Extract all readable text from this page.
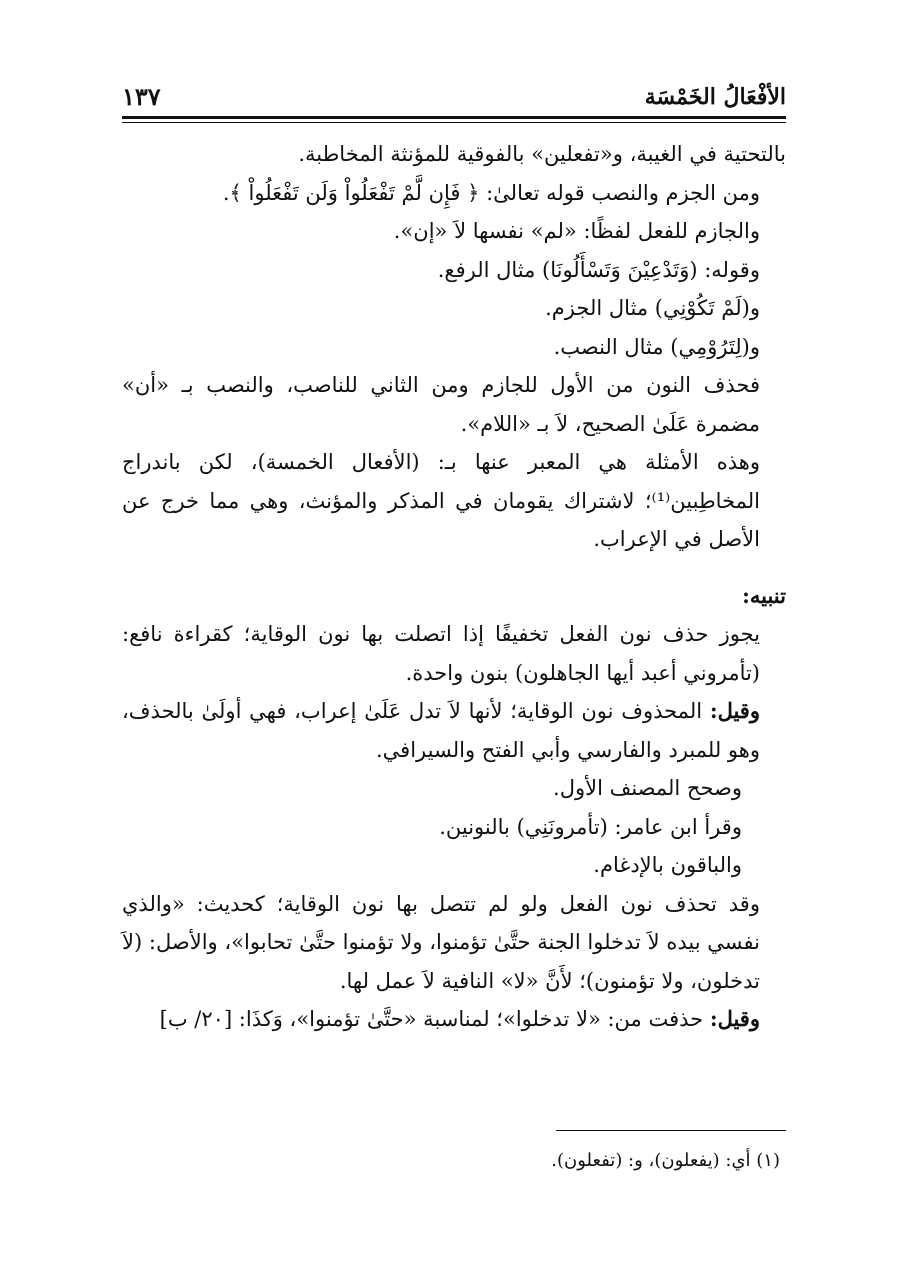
الأفْعَالُ الخَمْسَة
١٣٧

بالتحتية في الغيبة، و«تفعلين» بالفوقية للمؤنثة المخاطبة.

ومن الجزم والنصب قوله تعالىٰ: ﴿ فَإِن لَّمْ تَفْعَلُواْ وَلَن تَفْعَلُواْ ﴾.

والجازم للفعل لفظًا: «لم» نفسها لاَ «إن».

وقوله: (وَتَدْعِيْنَ وَتَسْأَلُونَا) مثال الرفع.

و(لَمْ تَكُوْنِي) مثال الجزم.

و(لِتَرُوْمِي) مثال النصب.

فحذف النون من الأول للجازم ومن الثاني للناصب، والنصب بـ «أن» مضمرة عَلَىٰ الصحيح، لاَ بـ «اللام».

وهذه الأمثلة هي المعبر عنها بـ: (الأفعال الخمسة)، لكن باندراج المخاطِبين⁽¹⁾؛ لاشتراك يقومان في المذكر والمؤنث، وهي مما خرج عن الأصل في الإعراب.

تنبيه:

يجوز حذف نون الفعل تخفيفًا إذا اتصلت بها نون الوقاية؛ كقراءة نافع: (تأمروني أعبد أيها الجاهلون) بنون واحدة.

وقيل: المحذوف نون الوقاية؛ لأنها لاَ تدل عَلَىٰ إعراب، فهي أولَىٰ بالحذف، وهو للمبرد والفارسي وأبي الفتح والسيرافي.

وصحح المصنف الأول.

وقرأ ابن عامر: (تأمرونَنِي) بالنونين.

والباقون بالإدغام.

وقد تحذف نون الفعل ولو لم تتصل بها نون الوقاية؛ كحديث: «والذي نفسي بيده لاَ تدخلوا الجنة حتَّىٰ تؤمنوا، ولا تؤمنوا حتَّىٰ تحابوا»، والأصل: (لاَ تدخلون، ولا تؤمنون)؛ لأَنَّ «لا» النافية لاَ عمل لها.

وقيل: حذفت من: «لا تدخلوا»؛ لمناسبة «حتَّىٰ تؤمنوا»، وَكذَا: [٢٠/ ب]

(١) أي: (يفعلون)، و: (تفعلون).
